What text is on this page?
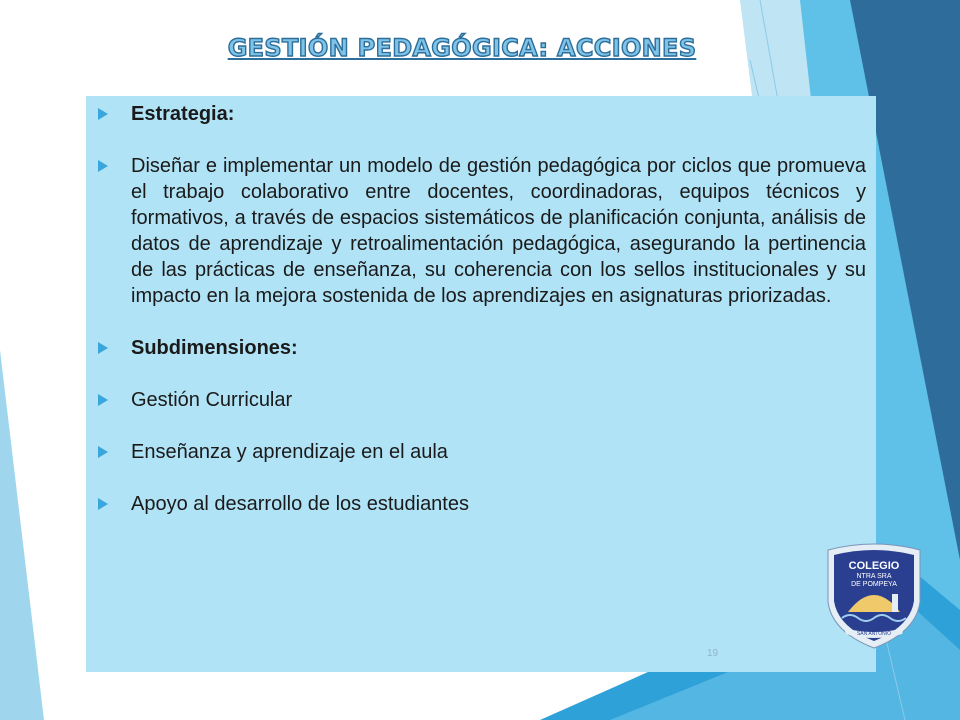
GESTIÓN PEDAGÓGICA: ACCIONES
Estrategia:
Diseñar e implementar un modelo de gestión pedagógica por ciclos que promueva el trabajo colaborativo entre docentes, coordinadoras, equipos técnicos y formativos, a través de espacios sistemáticos de planificación conjunta, análisis de datos de aprendizaje y retroalimentación pedagógica, asegurando la pertinencia de las prácticas de enseñanza, su coherencia con los sellos institucionales y su impacto en la mejora sostenida de los aprendizajes en asignaturas priorizadas.
Subdimensiones:
Gestión Curricular
Enseñanza y aprendizaje en el aula
Apoyo al desarrollo de los estudiantes
19
COLEGIO
NTRA SRA
DE POMPEYA
SAN ANTONIO
